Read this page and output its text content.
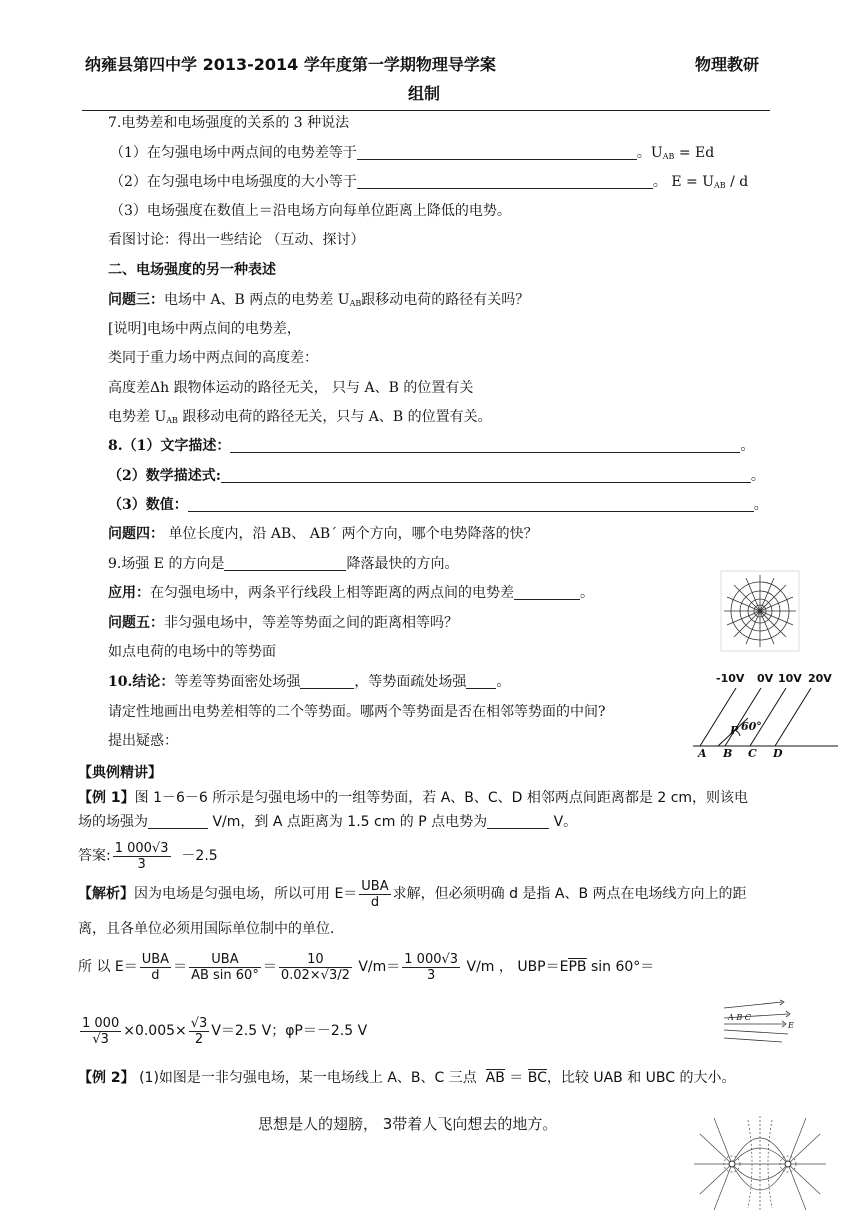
纳雍县第四中学 2013-2014 学年度第一学期物理导学案	物理教研
组制
7.电势差和电场强度的关系的 3 种说法
（1）在匀强电场中两点间的电势差等于	。$U_{AB} = Ed$
（2）在匀强电场中电场强度的大小等于	。 $E = U_{AB} / d$
（3）电场强度在数值上＝沿电场方向每单位距离上降低的电势。
看图讨论：得出一些结论 （互动、探讨）
二、电场强度的另一种表述
问题三：电场中 A、B 两点的电势差 $U_{AB}$跟移动电荷的路径有关吗？
[说明]电场中两点间的电势差，
类同于重力场中两点间的高度差：
高度差Δh 跟物体运动的路径无关， 只与 A、B 的位置有关
电势差 $U_{AB}$ 跟移动电荷的路径无关，只与 A、B 的位置有关。
8.（1）文字描述：	。
（2）数学描述式:	。
（3）数值：	。
问题四： 单位长度内，沿 AB、 AB´ 两个方向，哪个电势降落的快？
9.场强 E 的方向是	降落最快的方向。
应用：在匀强电场中，两条平行线段上相等距离的两点间的电势差	。
问题五：非匀强电场中，等差等势面之间的距离相等吗？
如点电荷的电场中的等势面
10.结论：等差等势面密处场强	，等势面疏处场强 。
请定性地画出电势差相等的二个等势面。哪两个等势面是否在相邻等势面的中间?
提出疑惑：
-10V 0V 10V 20V
P 60°
A B C D
【典例精讲】
【例 1】图 1－6－6 所示是匀强电场中的一组等势面，若 A、B、C、D 相邻两点间距离都是 2 cm，则该电
场的场强为	V/m，到 A 点距离为 1.5 cm 的 P 点电势为	V。
答案: $\frac{1 000√3}{3} -2.5$
【解析】因为电场是匀强电场，所以可用 $E= \frac{\text{UBA}}{d}$ 求解，但必须明确 d 是指 A、B 两点在电场线方向上的距
离，且各单位必须用国际单位制中的单位．
所 以 $E= \frac{\text{UBA}}{d} = \frac{\text{UBA}}{\text{AB sin 60°}} = \frac{10}{0.02\times√3/2} V/m= \frac{1 000√3}{3} V/m$ ， UBP＝EPB sin 60°＝
$\frac{1 000}{√3} \times 0.005\times \frac{√3}{2} V=2.5$ V；φP＝－2.5 V
A B C
E
【例 2】 (1)如图是一非匀强电场，某一电场线上 A、B、C 三点 AB ＝ BC，比较 UAB 和 UBC 的大小。
思想是人的翅膀， 3带着人飞向想去的地方。
